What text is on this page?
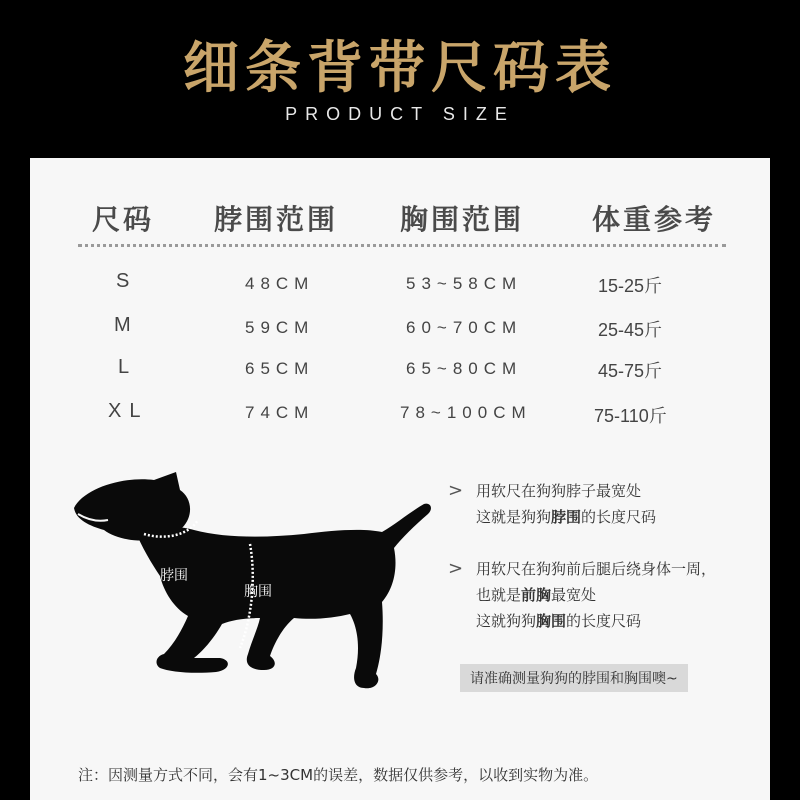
细条背带尺码表
PRODUCT SIZE
尺码 脖围范围 胸围范围 体重参考
S	48CM	53~58CM	15-25斤
M	59CM	60~70CM	25-45斤
L	65CM	65~80CM	45-75斤
XL	74CM	78~100CM	75-110斤
脖围
胸围
> 用软尺在狗狗脖子最宽处
这就是狗狗脖围的长度尺码
> 用软尺在狗狗前后腿后绕身体一周，
也就是前胸最宽处
这就狗狗胸围的长度尺码
请准确测量狗狗的脖围和胸围噢~
注：因测量方式不同，会有1~3CM的误差，数据仅供参考，以收到实物为准。
